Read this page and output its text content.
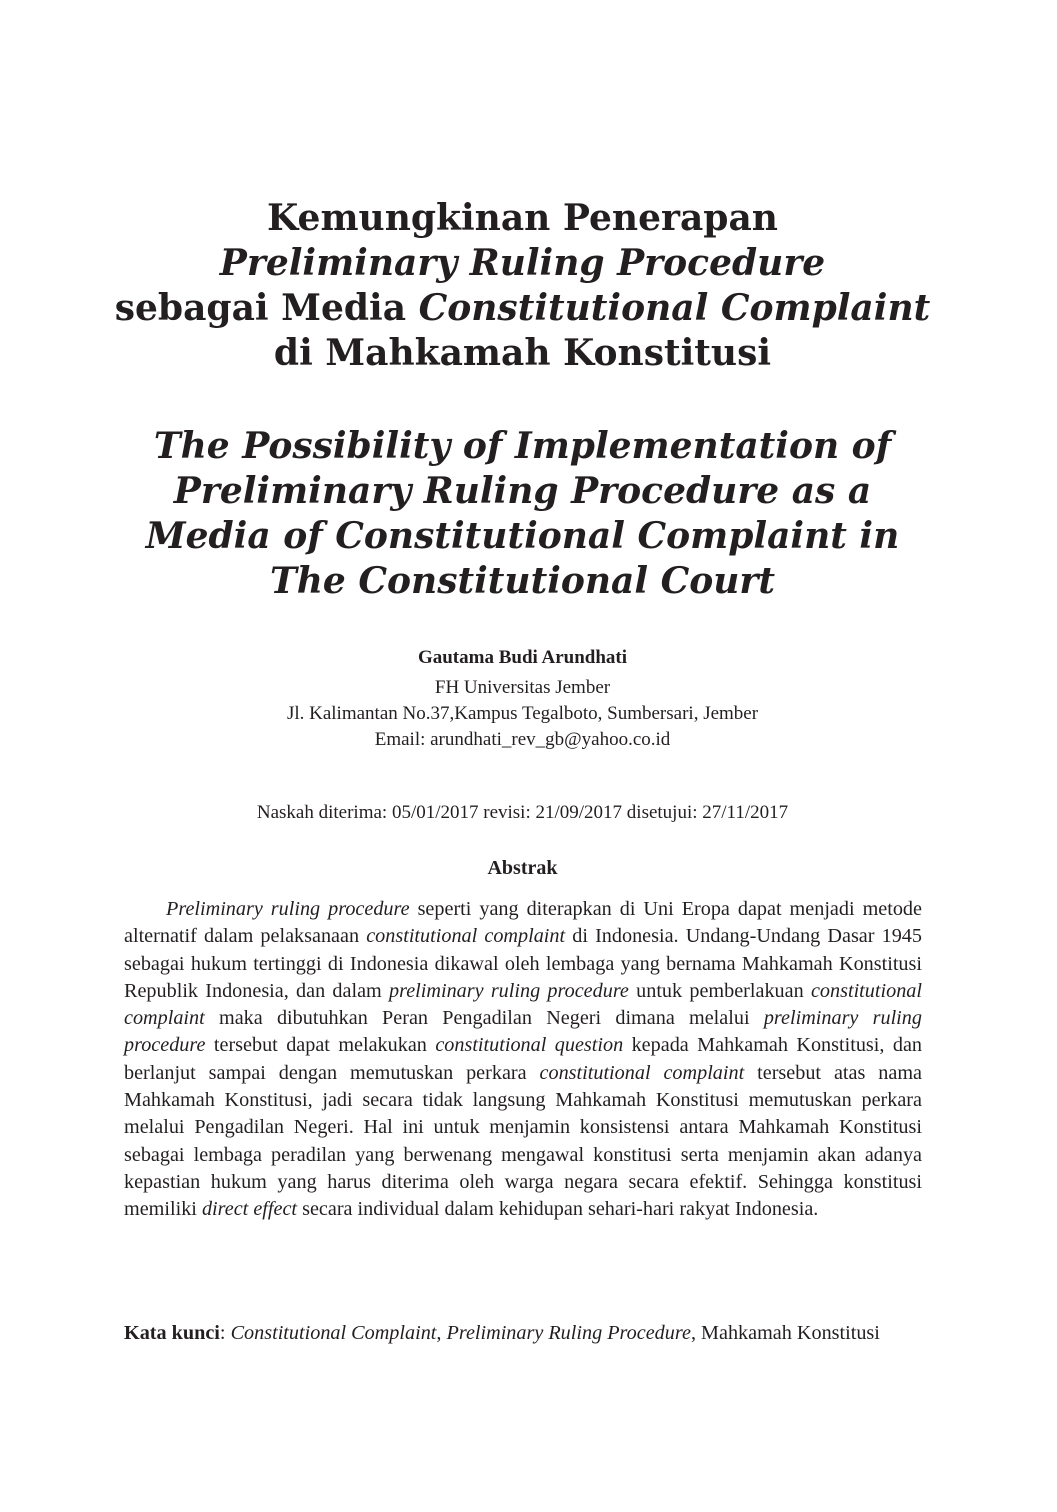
Kemungkinan Penerapan
Preliminary Ruling Procedure
sebagai Media Constitutional Complaint
di Mahkamah Konstitusi
The Possibility of Implementation of
Preliminary Ruling Procedure as a
Media of Constitutional Complaint in
The Constitutional Court
Gautama Budi Arundhati
FH Universitas Jember
Jl. Kalimantan No.37,Kampus Tegalboto, Sumbersari, Jember
Email: arundhati_rev_gb@yahoo.co.id
Naskah diterima: 05/01/2017 revisi: 21/09/2017 disetujui: 27/11/2017
Abstrak

Preliminary ruling procedure seperti yang diterapkan di Uni Eropa dapat menjadi metode alternatif dalam pelaksanaan constitutional complaint di Indonesia. Undang-Undang Dasar 1945 sebagai hukum tertinggi di Indonesia dikawal oleh lembaga yang bernama Mahkamah Konstitusi Republik Indonesia, dan dalam preliminary ruling procedure untuk pemberlakuan constitutional complaint maka dibutuhkan Peran Pengadilan Negeri dimana melalui preliminary ruling procedure tersebut dapat melakukan constitutional question kepada Mahkamah Konstitusi, dan berlanjut sampai dengan memutuskan perkara constitutional complaint tersebut atas nama Mahkamah Konstitusi, jadi secara tidak langsung Mahkamah Konstitusi memutuskan perkara melalui Pengadilan Negeri. Hal ini untuk menjamin konsistensi antara Mahkamah Konstitusi sebagai lembaga peradilan yang berwenang mengawal konstitusi serta menjamin akan adanya kepastian hukum yang harus diterima oleh warga negara secara efektif. Sehingga konstitusi memiliki direct effect secara individual dalam kehidupan sehari-hari rakyat Indonesia.

Kata kunci: Constitutional Complaint, Preliminary Ruling Procedure, Mahkamah Konstitusi
